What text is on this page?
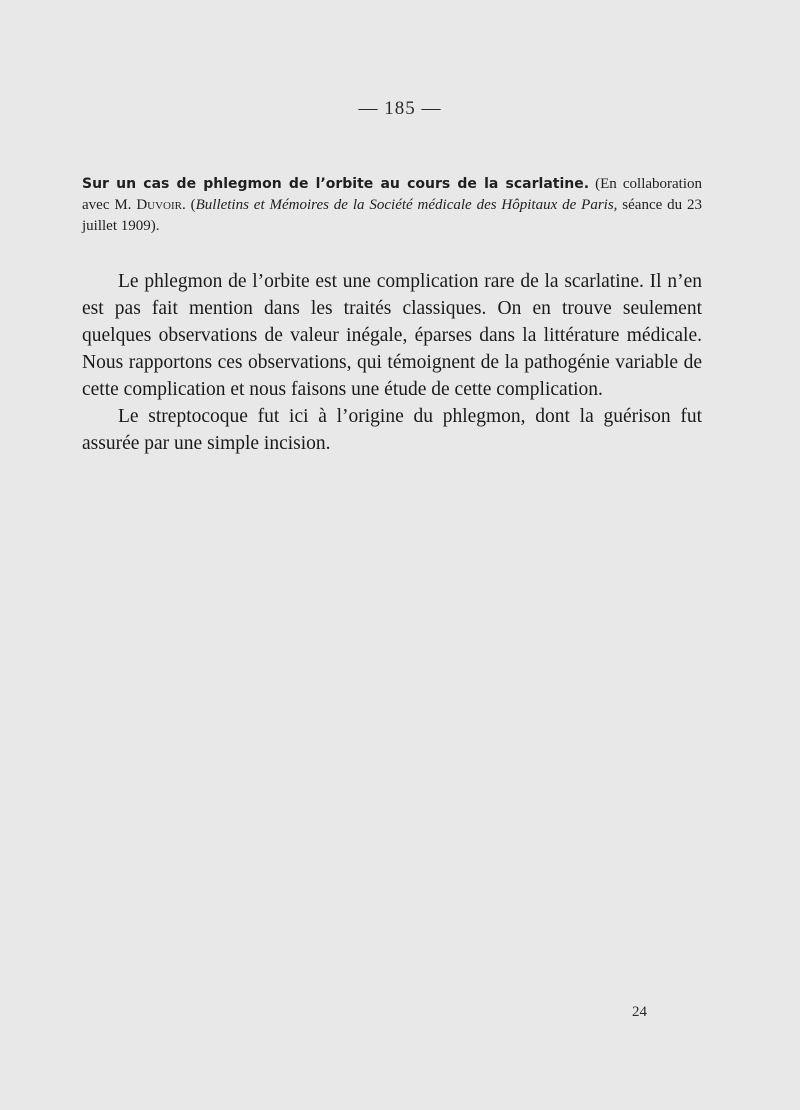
— 185 —
Sur un cas de phlegmon de l’orbite au cours de la scarlatine. (En collaboration avec M. Duvoir. (Bulletins et Mémoires de la Société médicale des Hôpitaux de Paris, séance du 23 juillet 1909).

Le phlegmon de l’orbite est une complication rare de la scarlatine. Il n’en est pas fait mention dans les traités classiques. On en trouve seulement quelques observations de valeur inégale, éparses dans la littérature médicale. Nous rapportons ces observations, qui témoignent de la pathogénie variable de cette complication et nous faisons une étude de cette complication.

Le streptocoque fut ici à l’origine du phlegmon, dont la guérison fut assurée par une simple incision.

24
